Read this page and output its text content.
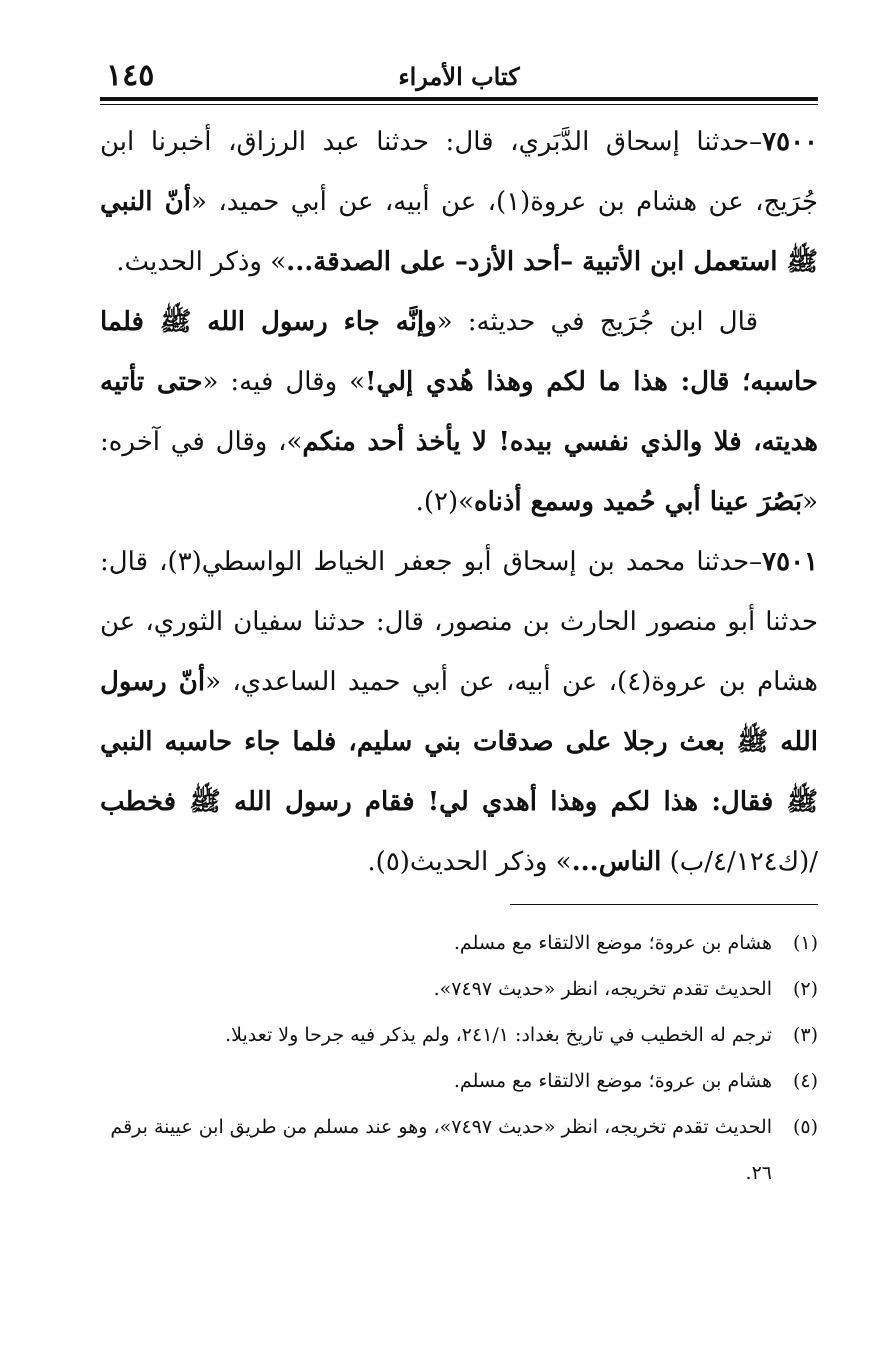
كتاب الأمراء
١٤٥

٧٥٠٠–حدثنا إسحاق الدَّبَري، قال: حدثنا عبد الرزاق، أخبرنا ابن جُرَيج، عن هشام بن عروة(١)، عن أبيه، عن أبي حميد، «أنّ النبي ﷺ استعمل ابن الأتبية –أحد الأزد– على الصدقة...» وذكر الحديث.

قال ابن جُرَيج في حديثه: «وإنَّه جاء رسول الله ﷺ فلما حاسبه؛ قال: هذا ما لكم وهذا هُدي إلي!» وقال فيه: «حتى تأتيه هديته، فلا والذي نفسي بيده! لا يأخذ أحد منكم»، وقال في آخره: «بَصُرَ عينا أبي حُميد وسمع أذناه»(٢).

٧٥٠١–حدثنا محمد بن إسحاق أبو جعفر الخياط الواسطي(٣)، قال: حدثنا أبو منصور الحارث بن منصور، قال: حدثنا سفيان الثوري، عن هشام بن عروة(٤)، عن أبيه، عن أبي حميد الساعدي، «أنّ رسول الله ﷺ بعث رجلا على صدقات بني سليم، فلما جاء حاسبه النبي ﷺ فقال: هذا لكم وهذا أهدي لي! فقام رسول الله ﷺ فخطب /(ك٤/١٢٤/ب) الناس...» وذكر الحديث(٥).

(١)
هشام بن عروة؛ موضع الالتقاء مع مسلم.

(٢)
الحديث تقدم تخريجه، انظر «حديث ٧٤٩٧».

(٣)
ترجم له الخطيب في تاريخ بغداد: ٢٤١/١، ولم يذكر فيه جرحا ولا تعديلا.

(٤)
هشام بن عروة؛ موضع الالتقاء مع مسلم.

(٥)
الحديث تقدم تخريجه، انظر «حديث ٧٤٩٧»، وهو عند مسلم من طريق ابن عيينة برقم ٢٦.
